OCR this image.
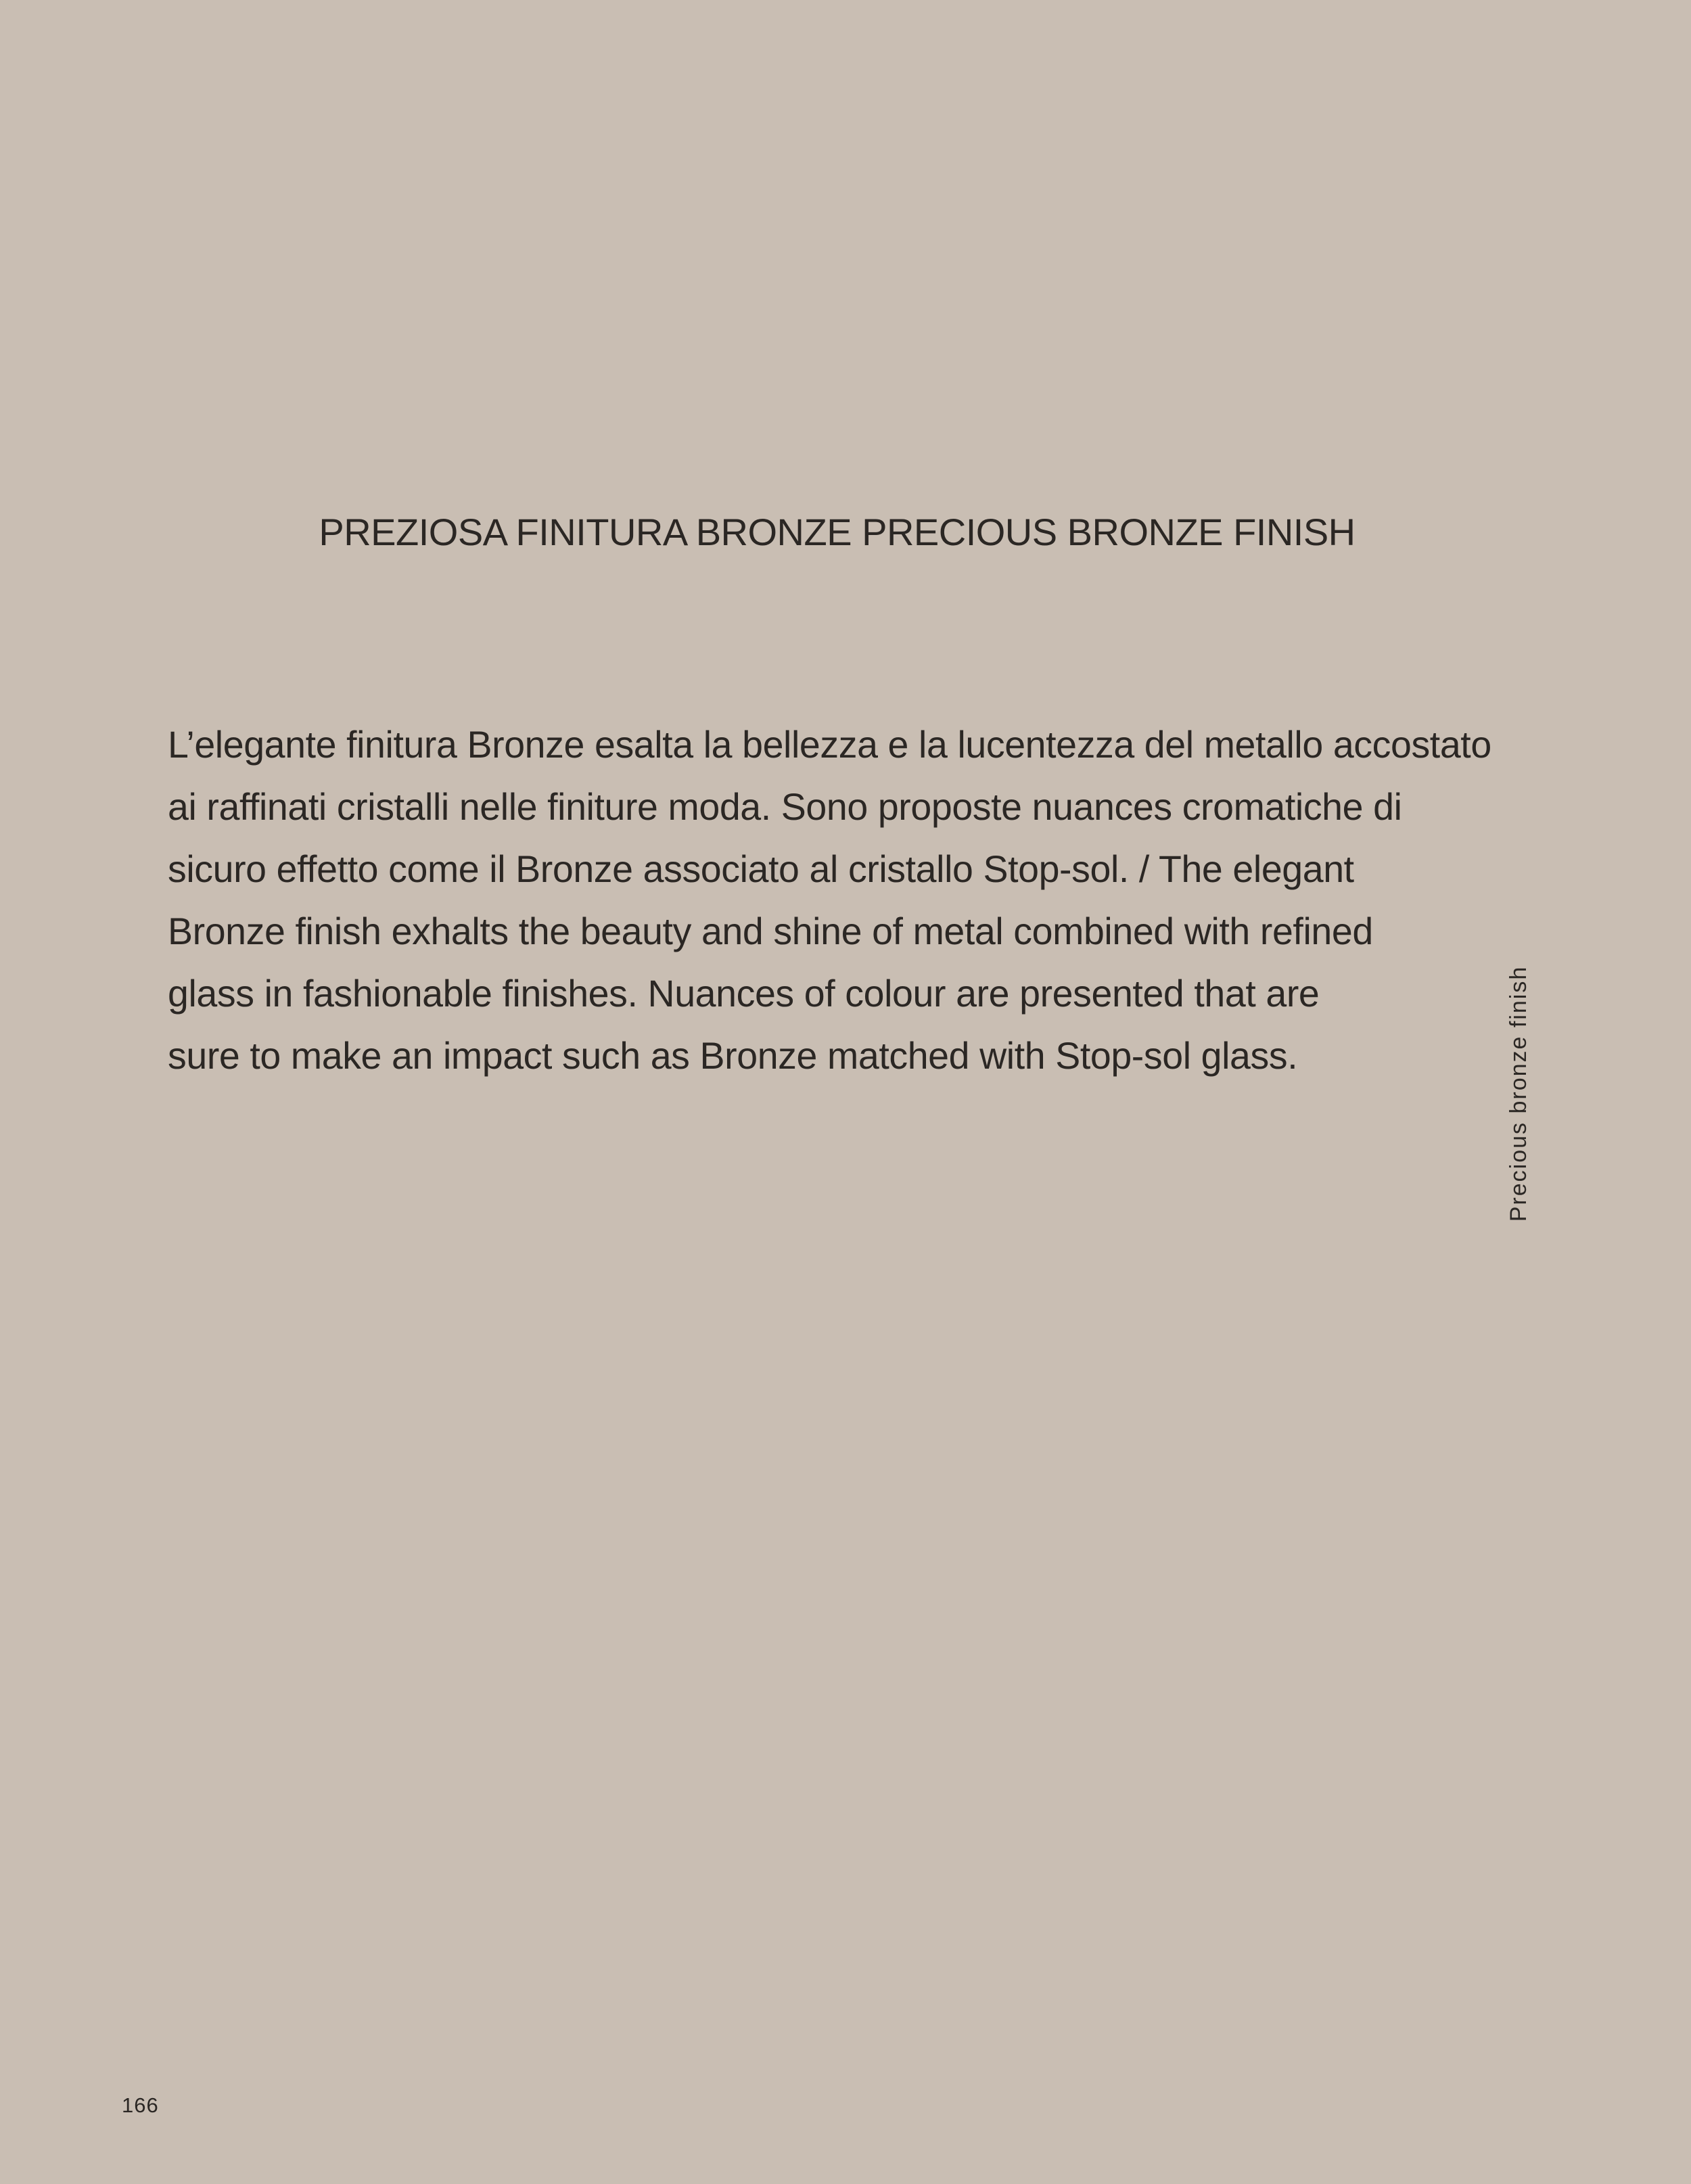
PREZIOSA FINITURA BRONZE PRECIOUS BRONZE FINISH

L’elegante finitura Bronze esalta la bellezza e la lucentezza del metallo accostato
ai raffinati cristalli nelle finiture moda. Sono proposte nuances cromatiche di
sicuro effetto come il Bronze associato al cristallo Stop-sol. / The elegant
Bronze finish exhalts the beauty and shine of metal combined with refined
glass in fashionable finishes. Nuances of colour are presented that are
sure to make an impact such as Bronze matched with Stop-sol glass.	Precious bronze finish
166
